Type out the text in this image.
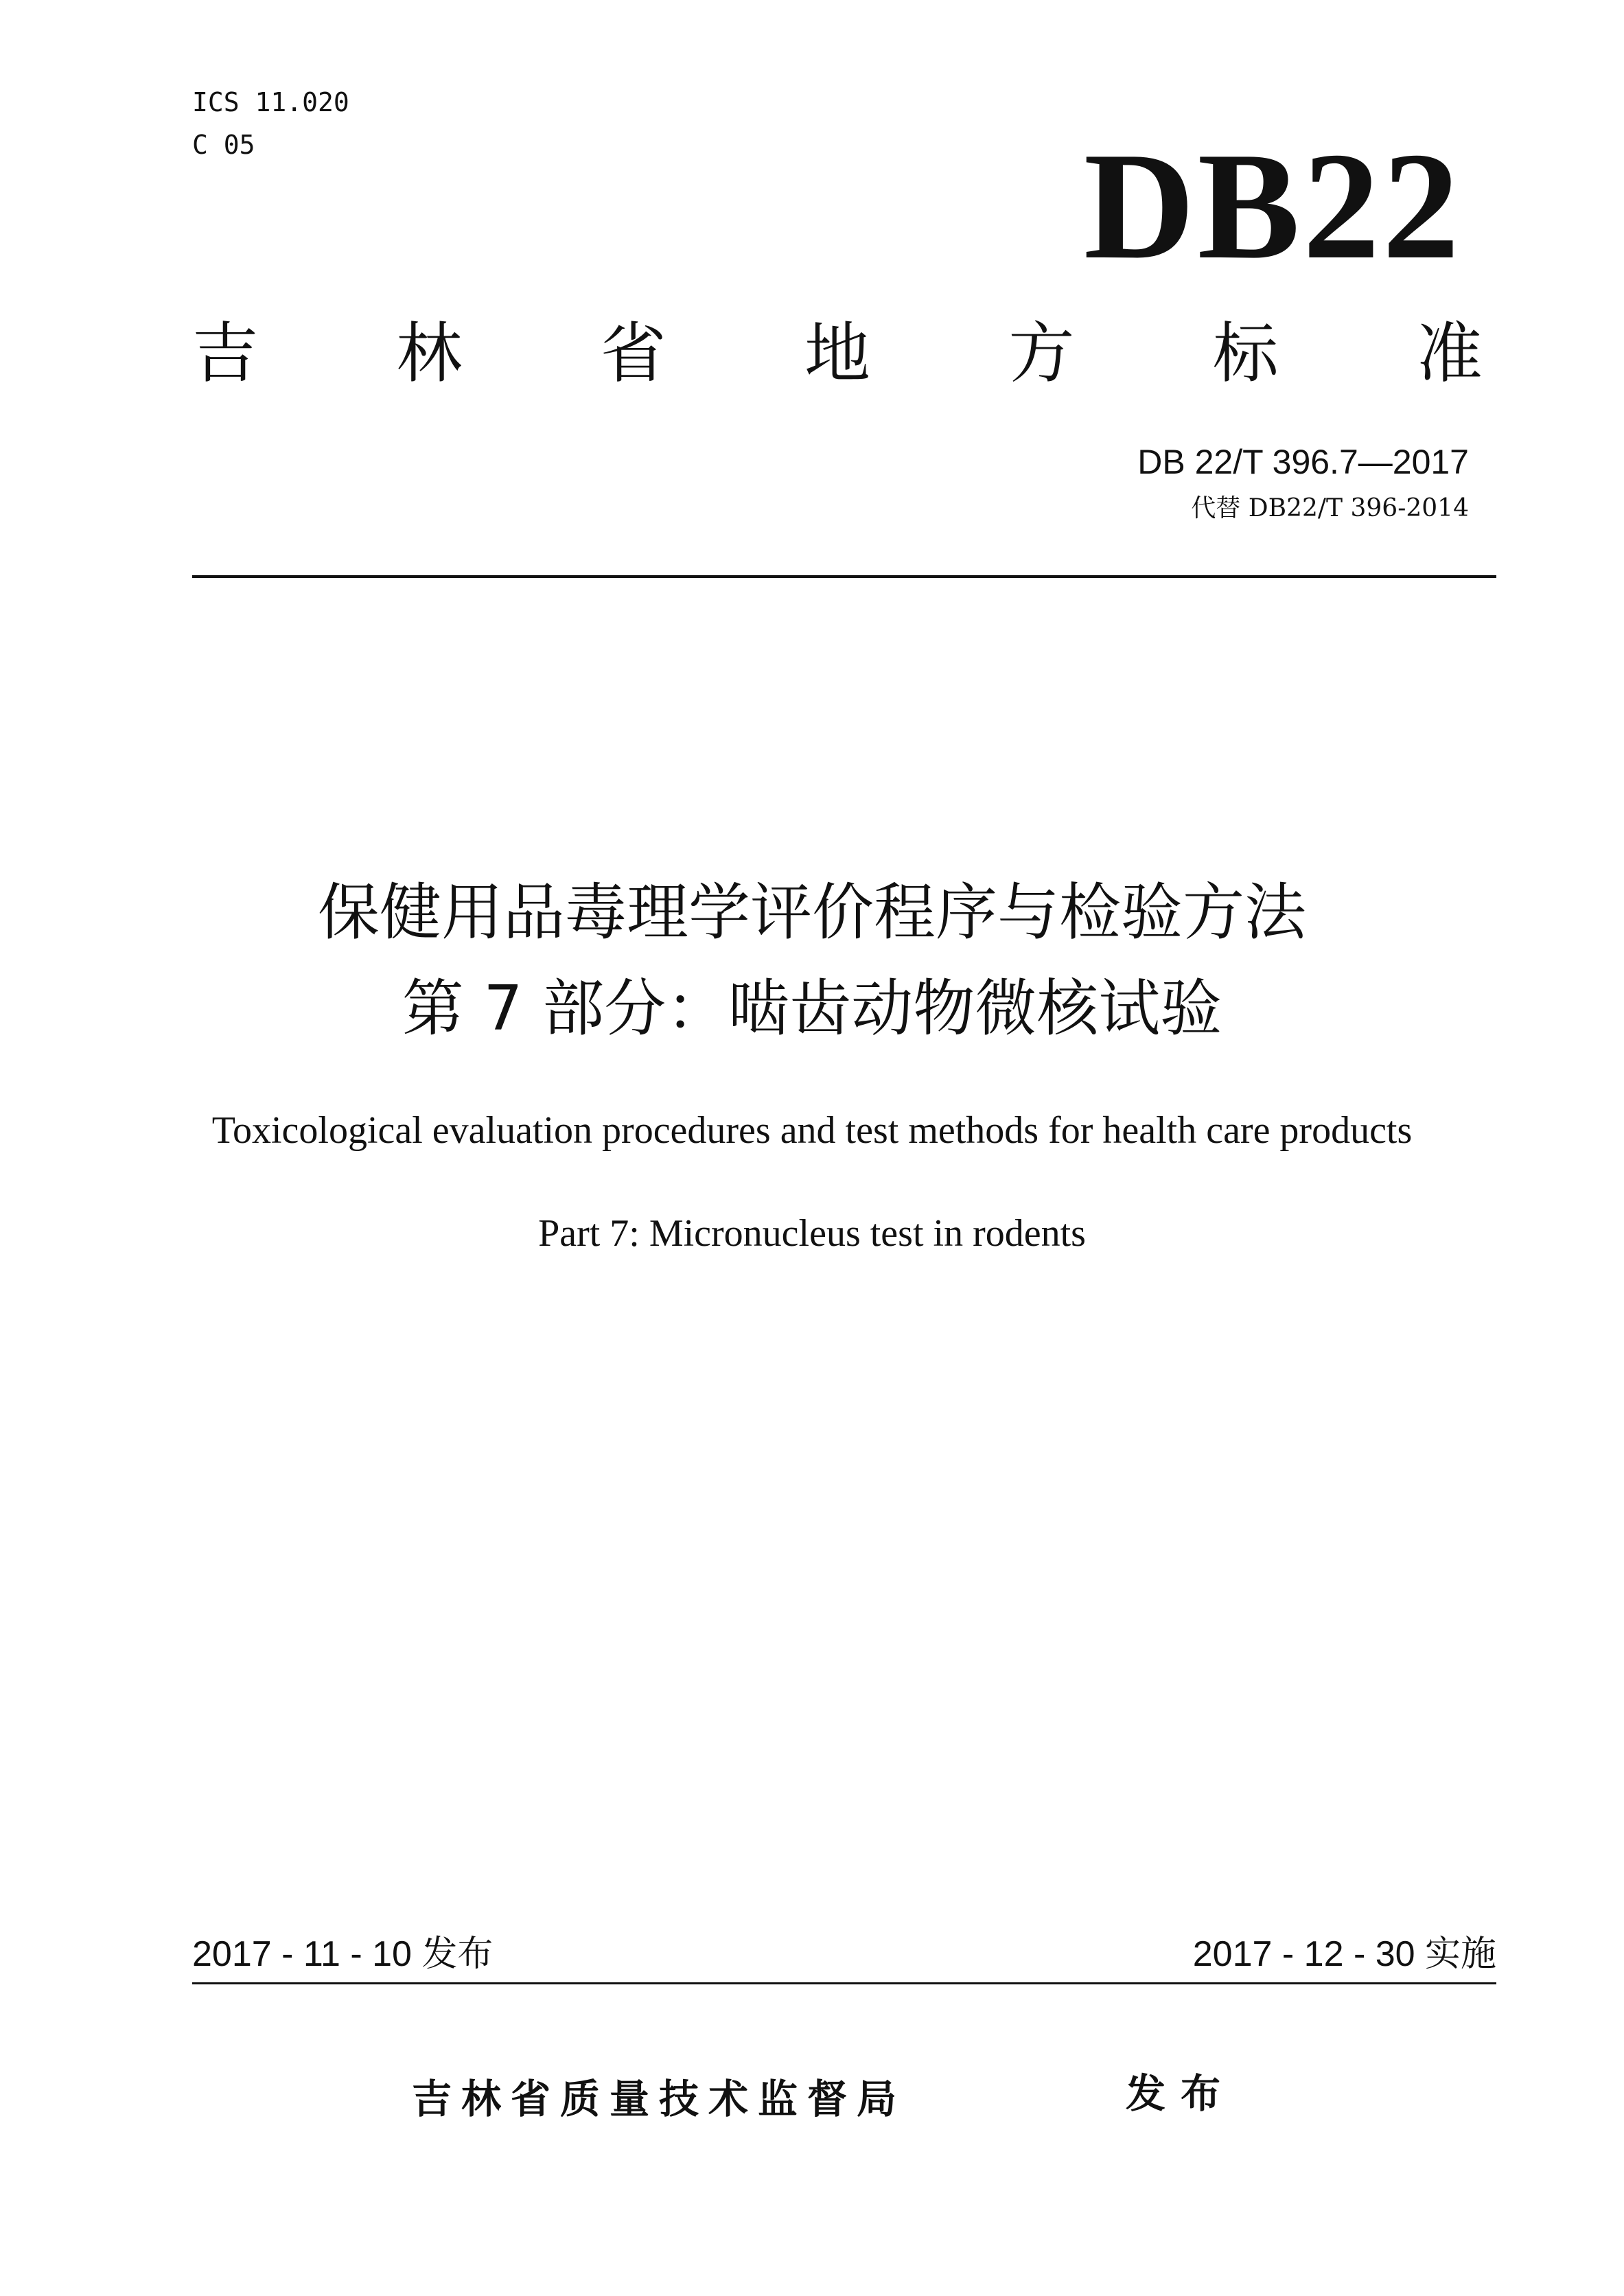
ICS 11.020
C 05	DB22
吉 林 省 地 方 标 准
DB 22/T 396.7—2017
代替 DB22/T 396-2014
保健用品毒理学评价程序与检验方法
第 7 部分：啮齿动物微核试验
Toxicological evaluation procedures and test methods for health care products
Part 7: Micronucleus test in rodents
2017 - 11 - 10 发布	2017 - 12 - 30 实施
吉林省质量技术监督局	发布
